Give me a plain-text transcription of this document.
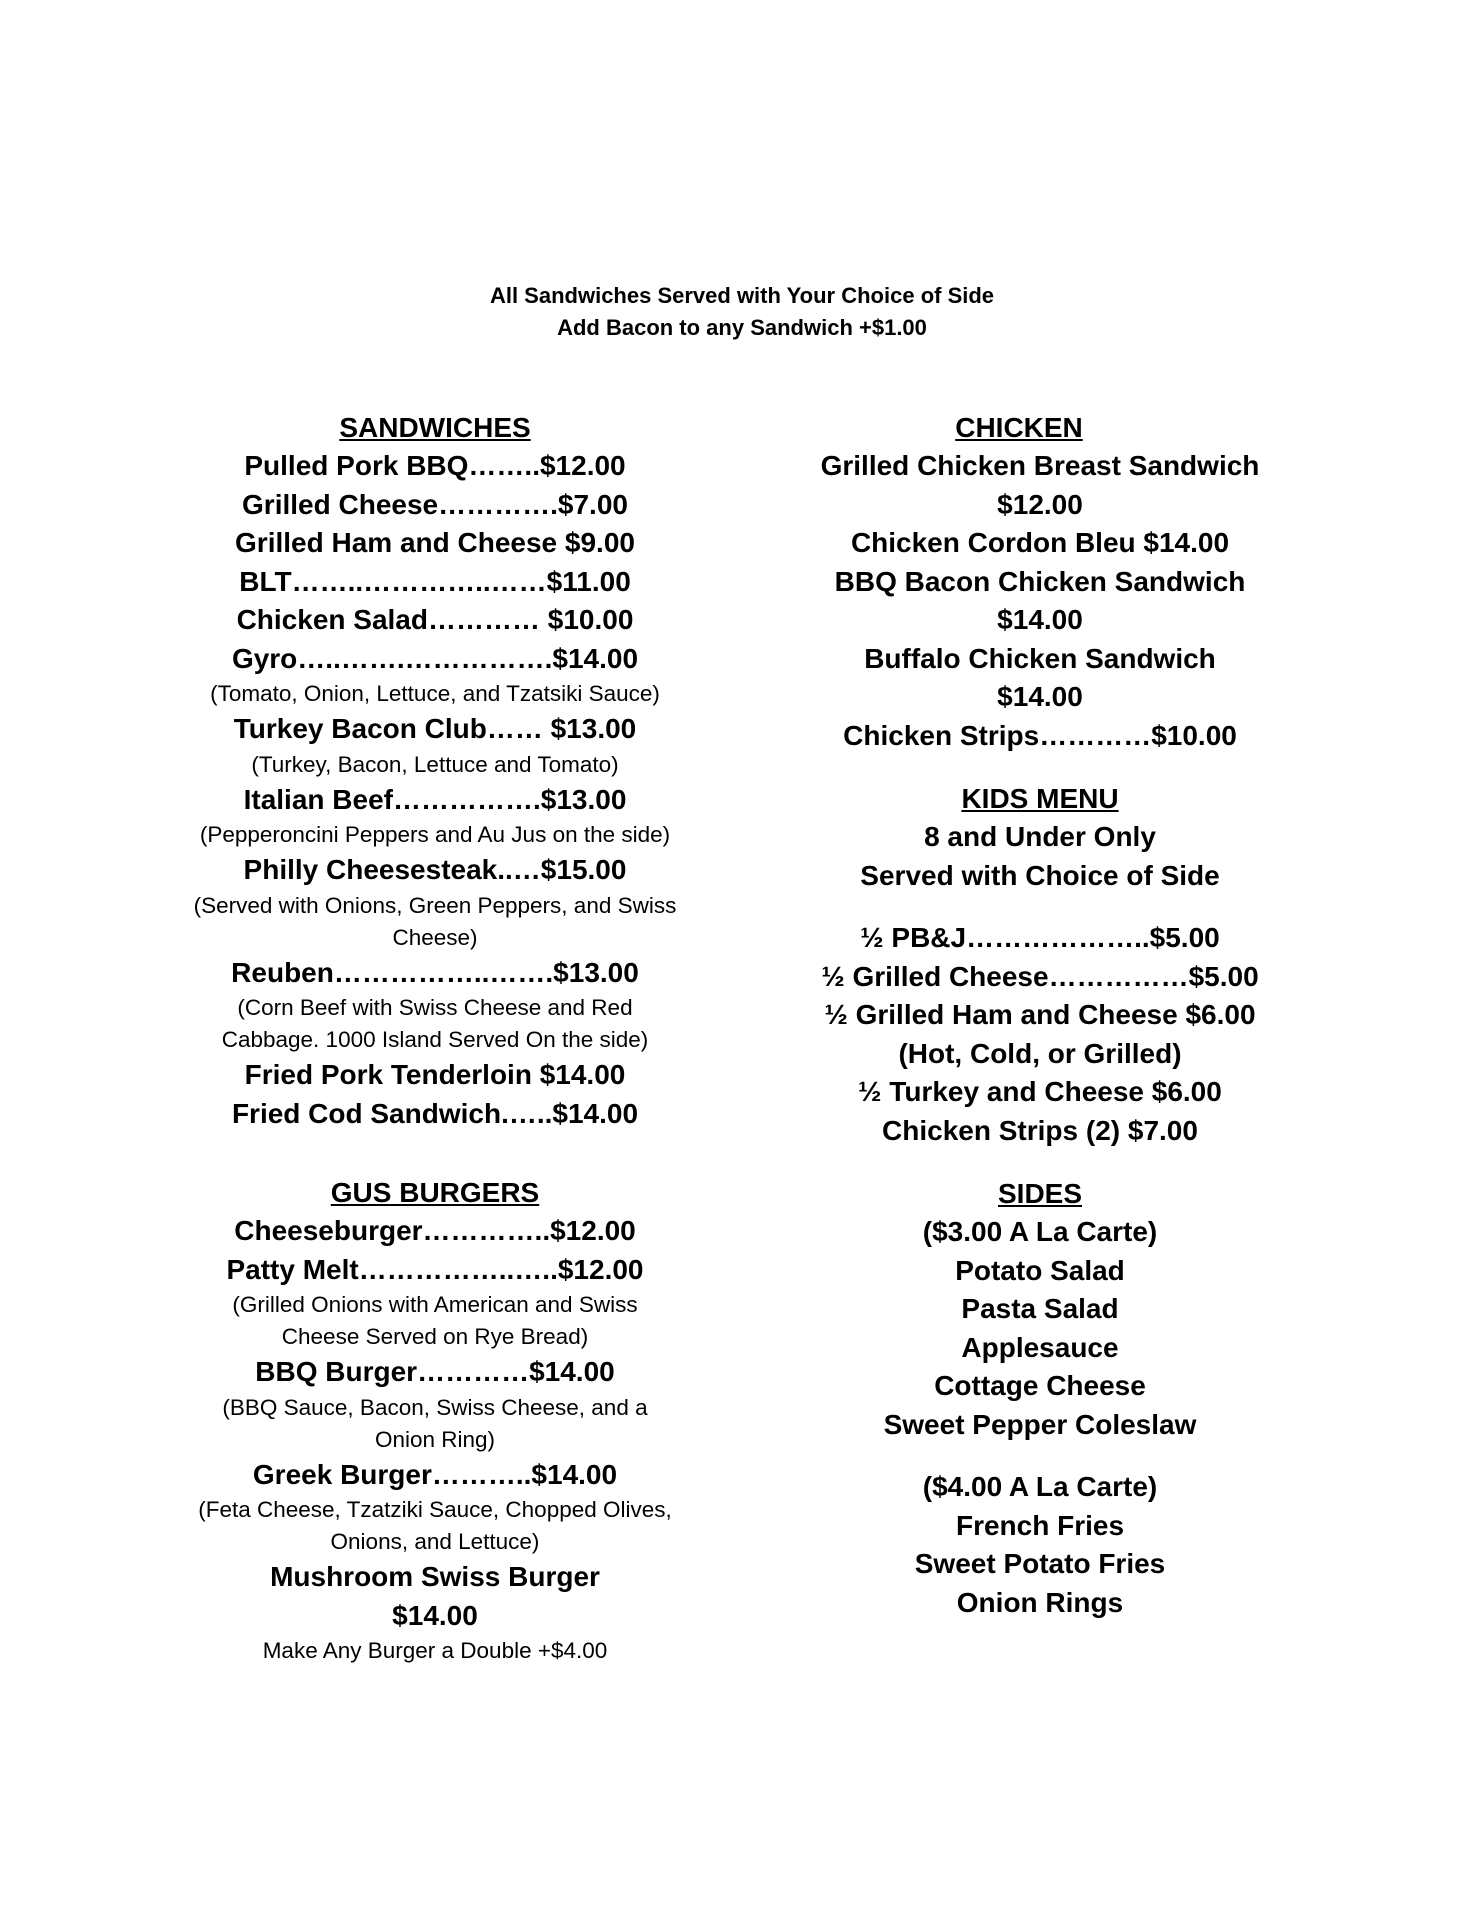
All Sandwiches Served with Your Choice of Side
Add Bacon to any Sandwich +$1.00
SANDWICHES
Pulled Pork BBQ……..$12.00
Grilled Cheese………….$7.00
Grilled Ham and Cheese $9.00
BLT……..…………..……$11.00
Chicken Salad………… $10.00
Gyro…..…….…………….$14.00
(Tomato, Onion, Lettuce, and Tzatsiki Sauce)
Turkey Bacon Club…… $13.00
(Turkey, Bacon, Lettuce and Tomato)
Italian Beef…………….$13.00
(Pepperoncini Peppers and Au Jus on the side)
Philly Cheesesteak..…$15.00
(Served with Onions, Green Peppers, and Swiss
Cheese)
Reuben……………..…….$13.00
(Corn Beef with Swiss Cheese and Red
Cabbage. 1000 Island Served On the side)
Fried Pork Tenderloin $14.00
Fried Cod Sandwich.…..$14.00
GUS BURGERS
Cheeseburger…………..$12.00
Patty Melt……………..…..$12.00
(Grilled Onions with American and Swiss
Cheese Served on Rye Bread)
BBQ Burger…………$14.00
(BBQ Sauce, Bacon, Swiss Cheese, and a
Onion Ring)
Greek Burger………..$14.00
(Feta Cheese, Tzatziki Sauce, Chopped Olives,
Onions, and Lettuce)
Mushroom Swiss Burger
$14.00
Make Any Burger a Double +$4.00
CHICKEN
Grilled Chicken Breast Sandwich
$12.00
Chicken Cordon Bleu $14.00
BBQ Bacon Chicken Sandwich
$14.00
Buffalo Chicken Sandwich
$14.00
Chicken Strips…………$10.00
KIDS MENU
8 and Under Only
Served with Choice of Side
½ PB&J………………..$5.00
½ Grilled Cheese……………$5.00
½ Grilled Ham and Cheese $6.00
(Hot, Cold, or Grilled)
½ Turkey and Cheese $6.00
Chicken Strips (2) $7.00
SIDES
($3.00 A La Carte)
Potato Salad
Pasta Salad
Applesauce
Cottage Cheese
Sweet Pepper Coleslaw
($4.00 A La Carte)
French Fries
Sweet Potato Fries
Onion Rings
